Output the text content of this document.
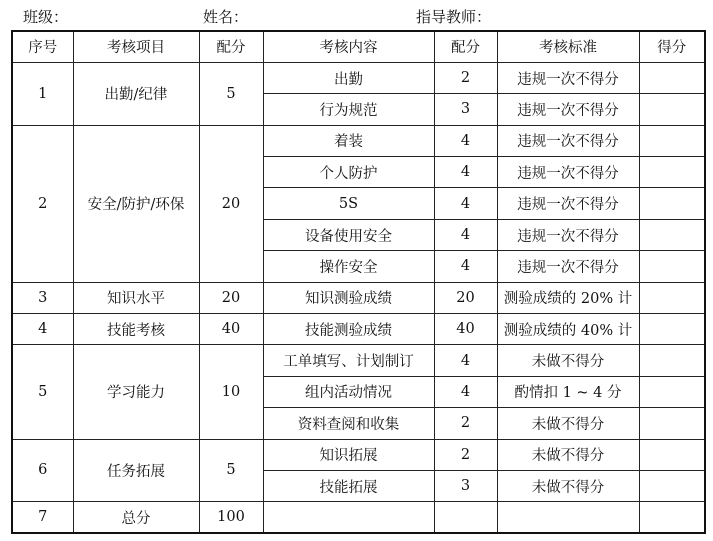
班级：	姓名：	指导教师：
序号	考核项目	配分	考核内容	配分	考核标准	得分
1	出勤/纪律	5	出勤	2	违规一次不得分	
			行为规范	3	违规一次不得分	
2	安全/防护/环保	20	着装	4	违规一次不得分	
			个人防护	4	违规一次不得分	
			5S	4	违规一次不得分	
			设备使用安全	4	违规一次不得分	
			操作安全	4	违规一次不得分	
3	知识水平	20	知识测验成绩	20	测验成绩的 20% 计	
4	技能考核	40	技能测验成绩	40	测验成绩的 40% 计	
5	学习能力	10	工单填写、计划制订	4	未做不得分	
			组内活动情况	4	酌情扣 1 ~ 4 分	
			资料查阅和收集	2	未做不得分	
6	任务拓展	5	知识拓展	2	未做不得分	
			技能拓展	3	未做不得分	
7	总分	100				
